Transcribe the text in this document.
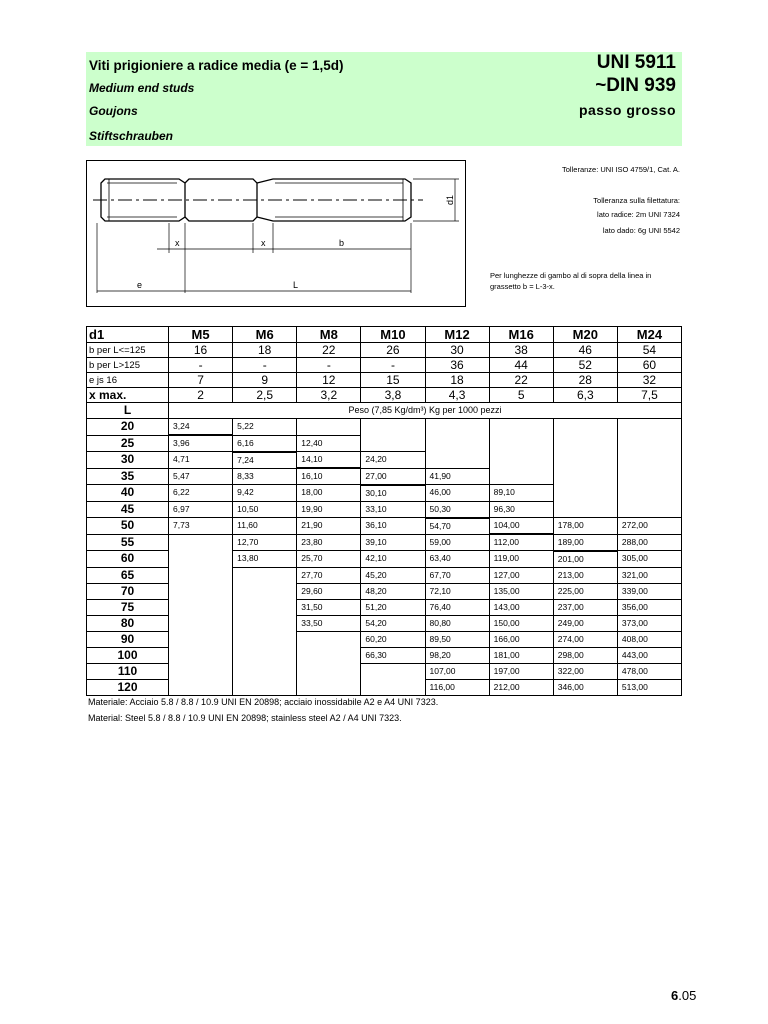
Viti prigioniere a radice media (e = 1,5d)
Medium end studs
Goujons
Stiftschrauben
UNI 5911
~DIN 939
passo grosso
d1
x	x	b
e	L
Tolleranze: UNI ISO 4759/1, Cat. A.
Tolleranza sulla filettatura:
lato radice: 2m UNI 7324
lato dado: 6g UNI 5542
Per lunghezze di gambo al di sopra della linea in grassetto b = L-3-x.
d1	M5	M6	M8	M10	M12	M16	M20	M24
b per L<=125	16	18	22	26	30	38	46	54
b per L>125	-	-	-	-	36	44	52	60
e js 16	7	9	12	15	18	22	28	32
x max.	2	2,5	3,2	3,8	4,3	5	6,3	7,5
L	Peso (7,85 Kg/dm³) Kg per 1000 pezzi							
20	3,24	5,22						
25	3,96	6,16	12,40					
30	4,71	7,24	14,10	24,20				
35	5,47	8,33	16,10	27,00	41,90			
40	6,22	9,42	18,00	30,10	46,00	89,10		
45	6,97	10,50	19,90	33,10	50,30	96,30		
50	7,73	11,60	21,90	36,10	54,70	104,00	178,00	272,00
55		12,70	23,80	39,10	59,00	112,00	189,00	288,00
60		13,80	25,70	42,10	63,40	119,00	201,00	305,00
65			27,70	45,20	67,70	127,00	213,00	321,00
70			29,60	48,20	72,10	135,00	225,00	339,00
75			31,50	51,20	76,40	143,00	237,00	356,00
80			33,50	54,20	80,80	150,00	249,00	373,00
90				60,20	89,50	166,00	274,00	408,00
100				66,30	98,20	181,00	298,00	443,00
110					107,00	197,00	322,00	478,00
120					116,00	212,00	346,00	513,00
Materiale: Acciaio 5.8 / 8.8 / 10.9 UNI EN 20898; acciaio inossidabile A2 e A4 UNI 7323.
Material: Steel 5.8 / 8.8 / 10.9 UNI EN 20898; stainless steel A2 / A4 UNI 7323.
6.05
